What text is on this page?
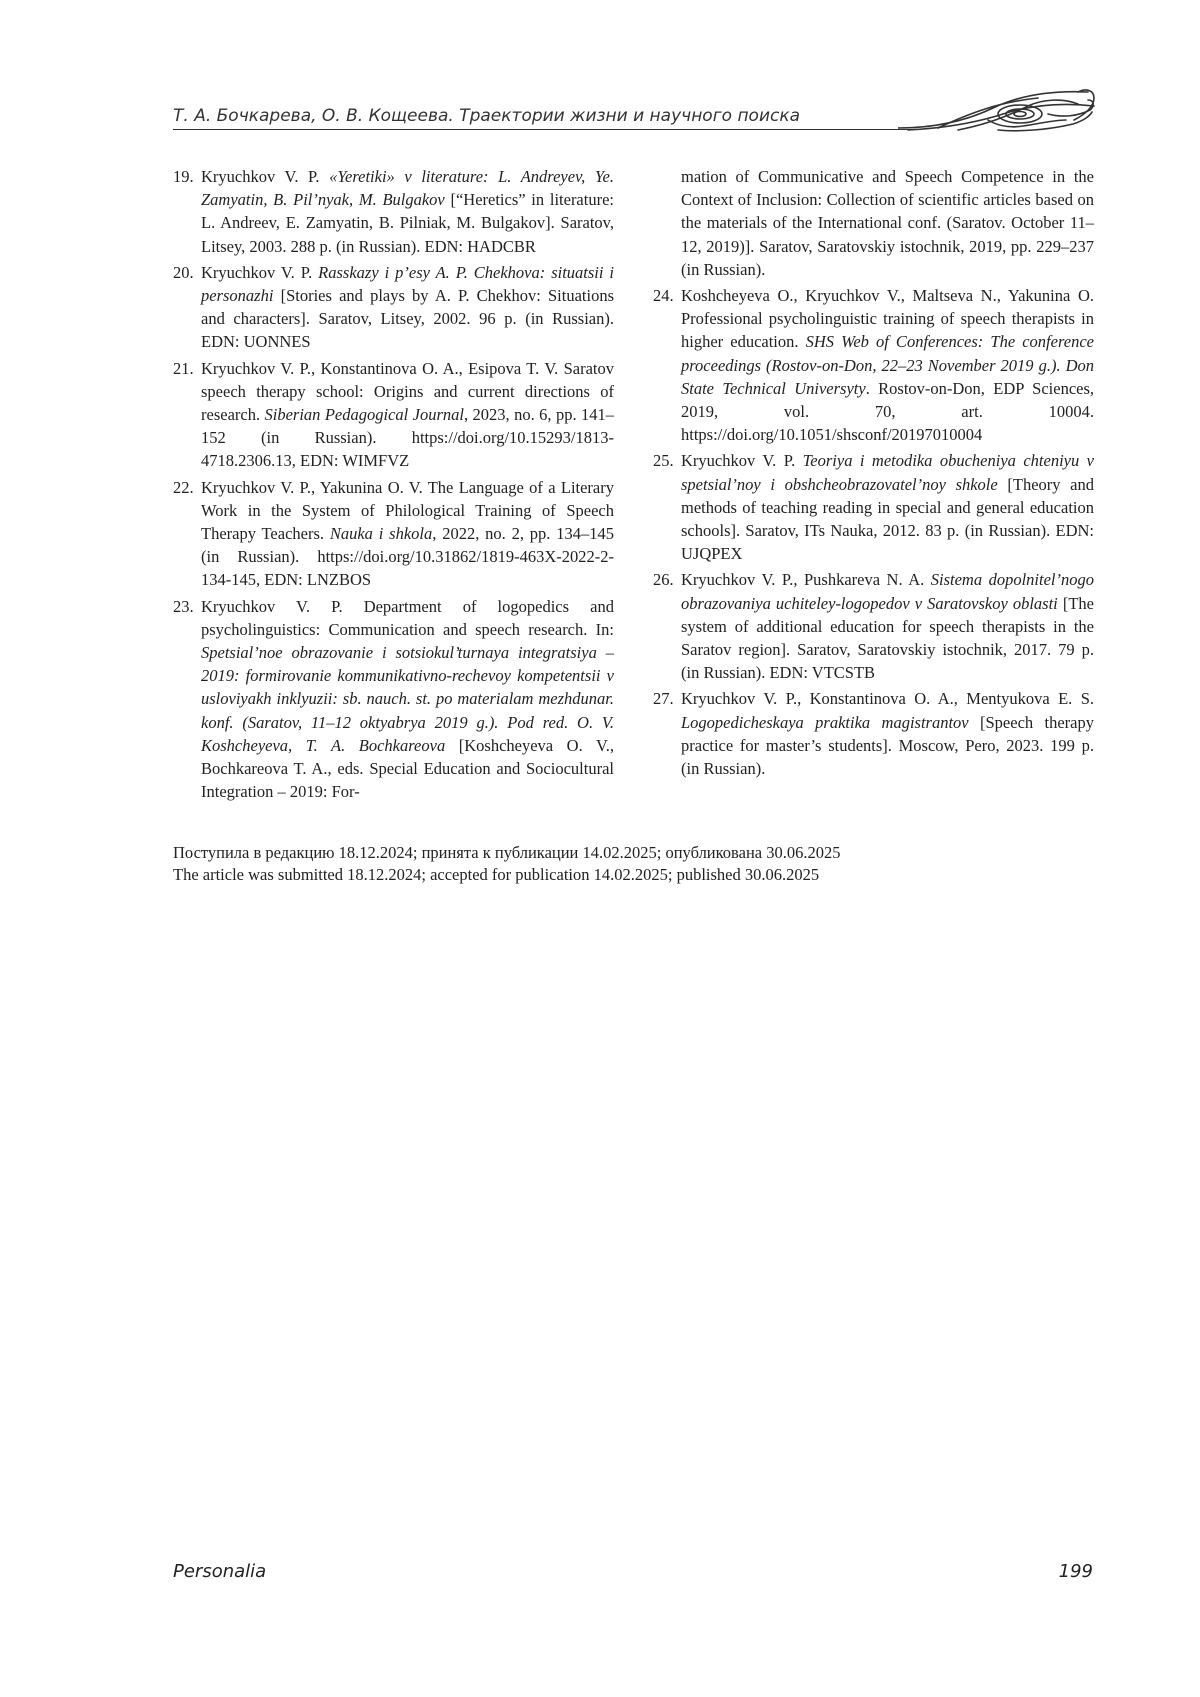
Т. А. Бочкарева, О. В. Кощеева. Траектории жизни и научного поиска
19. Kryuchkov V. P. «Yeretiki» v literature: L. Andreyev, Ye. Zamyatin, B. Pil’nyak, M. Bulgakov [“Heretics” in literature: L. Andreev, E. Zamyatin, B. Pilniak, M. Bulgakov]. Saratov, Litsey, 2003. 288 p. (in Russian). EDN: HADCBR
20. Kryuchkov V. P. Rasskazy i p’esy A. P. Chekhova: situatsii i personazhi [Stories and plays by A. P. Chekhov: Situations and characters]. Saratov, Litsey, 2002. 96 p. (in Russian). EDN: UONNES
21. Kryuchkov V. P., Konstantinova O. A., Esipova T. V. Saratov speech therapy school: Origins and current directions of research. Siberian Pedagogical Journal, 2023, no. 6, pp. 141–152 (in Russian). https://doi.org/10.15293/1813-4718.2306.13, EDN: WIMFVZ
22. Kryuchkov V. P., Yakunina O. V. The Language of a Literary Work in the System of Philological Training of Speech Therapy Teachers. Nauka i shkola, 2022, no. 2, pp. 134–145 (in Russian). https://doi.org/10.31862/1819-463X-2022-2-134-145, EDN: LNZBOS
23. Kryuchkov V. P. Department of logopedics and psycholinguistics: Communication and speech research. In: Spetsial’noe obrazovanie i sotsiokul’turnaya integratsiya – 2019: formirovanie kommunikativno-rechevoy kompetentsii v usloviyakh inklyuzii: sb. nauch. st. po materialam mezhdunar. konf. (Saratov, 11–12 oktyabrya 2019 g.). Pod red. O. V. Koshcheyeva, T. A. Bochkareova [Koshcheyeva O. V., Bochkareova T. A., eds. Special Education and Sociocultural Integration – 2019: For-
mation of Communicative and Speech Competence in the Context of Inclusion: Collection of scientific articles based on the materials of the International conf. (Saratov. October 11–12, 2019)]. Saratov, Saratovskiy istochnik, 2019, pp. 229–237 (in Russian).
24. Koshcheyeva O., Kryuchkov V., Maltseva N., Yakunina O. Professional psycholinguistic training of speech therapists in higher education. SHS Web of Conferences: The conference proceedings (Rostov-on-Don, 22–23 November 2019 g.). Don State Technical Universyty. Rostov-on-Don, EDP Sciences, 2019, vol. 70, art. 10004. https://doi.org/10.1051/shsconf/20197010004
25. Kryuchkov V. P. Teoriya i metodika obucheniya chteniyu v spetsial’noy i obshcheobrazovatel’noy shkole [Theory and methods of teaching reading in special and general education schools]. Saratov, ITs Nauka, 2012. 83 p. (in Russian). EDN: UJQPEX
26. Kryuchkov V. P., Pushkareva N. A. Sistema dopolnitel’nogo obrazovaniya uchiteley-logopedov v Saratovskoy oblasti [The system of additional education for speech therapists in the Saratov region]. Saratov, Saratovskiy istochnik, 2017. 79 p. (in Russian). EDN: VTCSTB
27. Kryuchkov V. P., Konstantinova O. A., Mentyukova E. S. Logopedicheskaya praktika magistrantov [Speech therapy practice for master’s students]. Moscow, Pero, 2023. 199 p. (in Russian).
Поступила в редакцию 18.12.2024; принята к публикации 14.02.2025; опубликована 30.06.2025
The article was submitted 18.12.2024; accepted for publication 14.02.2025; published 30.06.2025
Personalia	199
